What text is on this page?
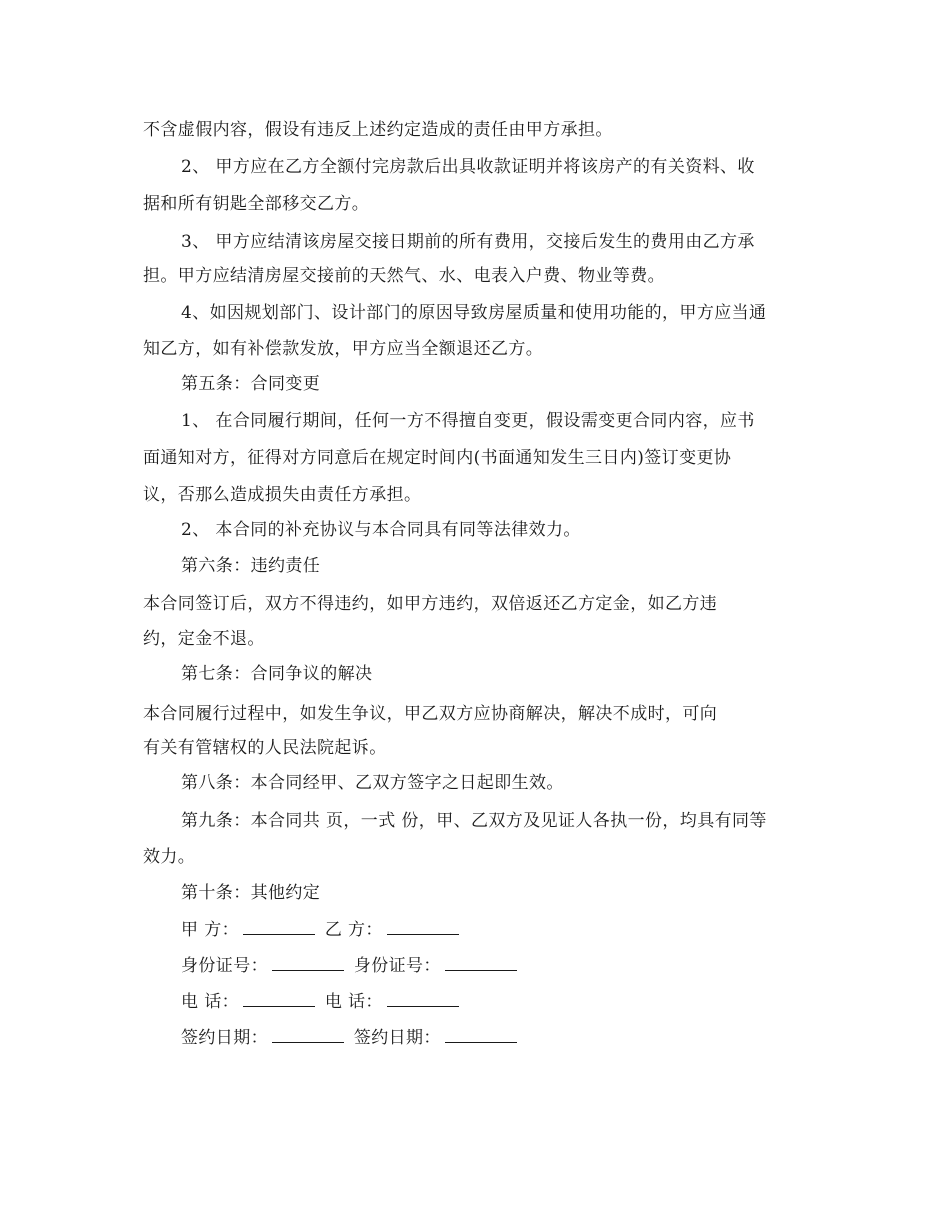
不含虚假内容，假设有违反上述约定造成的责任由甲方承担。
2、 甲方应在乙方全额付完房款后出具收款证明并将该房产的有关资料、收
据和所有钥匙全部移交乙方。
3、 甲方应结清该房屋交接日期前的所有费用，交接后发生的费用由乙方承
担。甲方应结清房屋交接前的天然气、水、电表入户费、物业等费。
4、如因规划部门、设计部门的原因导致房屋质量和使用功能的，甲方应当通
知乙方，如有补偿款发放，甲方应当全额退还乙方。
第五条：合同变更
1、 在合同履行期间，任何一方不得擅自变更，假设需变更合同内容，应书
面通知对方，征得对方同意后在规定时间内(书面通知发生三日内)签订变更协
议，否那么造成损失由责任方承担。
2、 本合同的补充协议与本合同具有同等法律效力。
第六条：违约责任
本合同签订后，双方不得违约，如甲方违约，双倍返还乙方定金，如乙方违
约，定金不退。
第七条：合同争议的解决
本合同履行过程中，如发生争议，甲乙双方应协商解决，解决不成时，可向
有关有管辖权的人民法院起诉。
第八条：本合同经甲、乙双方签字之日起即生效。
第九条：本合同共 页，一式 份，甲、乙双方及见证人各执一份，均具有同等
效力。
第十条：其他约定
甲 方：	乙 方：
身份证号：	身份证号：
电 话：	电 话：
签约日期：	签约日期：
